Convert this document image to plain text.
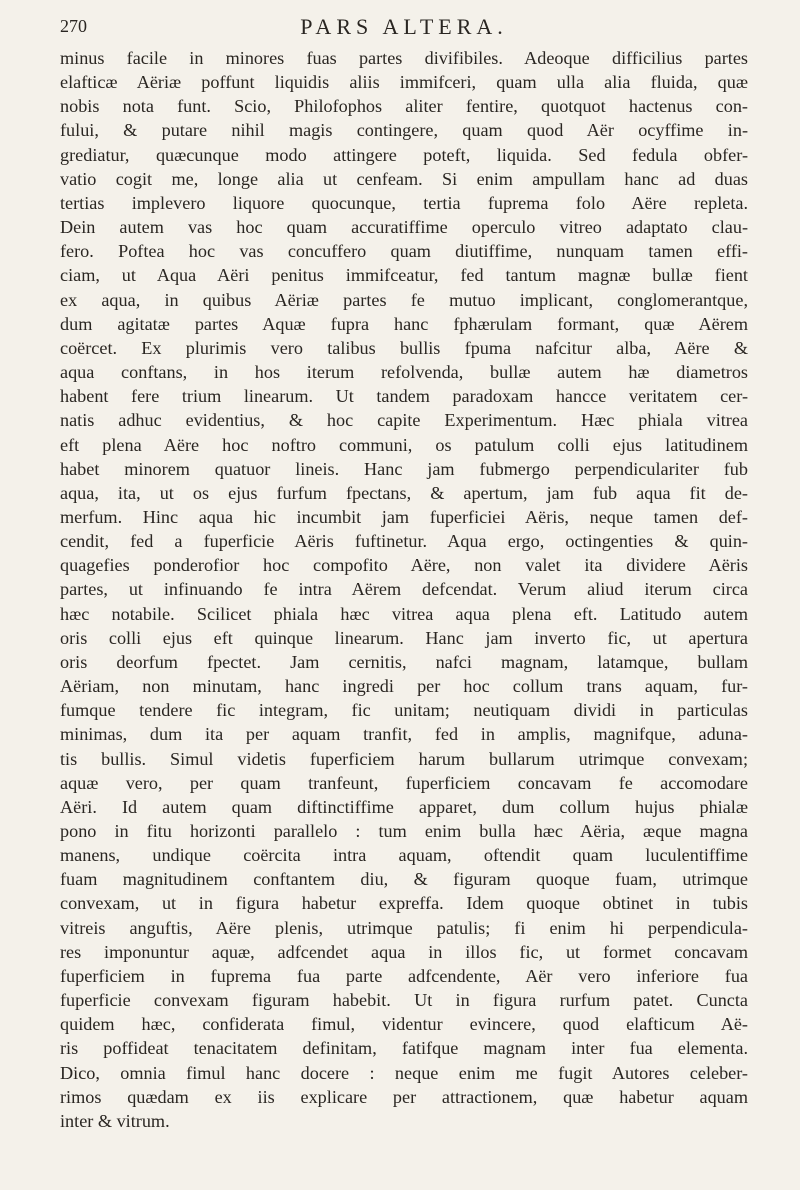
270	PARS ALTERA.
minus facile in minores fuas partes divifibiles. Adeoque difficilius partes
elafticæ Aëriæ poffunt liquidis aliis immifceri, quam ulla alia fluida, quæ
nobis nota funt. Scio, Philofophos aliter fentire, quotquot hactenus con-
fului, & putare nihil magis contingere, quam quod Aër ocyffime in-
grediatur, quæcunque modo attingere poteft, liquida. Sed fedula obfer-
vatio cogit me, longe alia ut cenfeam. Si enim ampullam hanc ad duas
tertias implevero liquore quocunque, tertia fuprema folo Aëre repleta.
Dein autem vas hoc quam accuratiffime operculo vitreo adaptato clau-
fero. Poftea hoc vas concuffero quam diutiffime, nunquam tamen effi-
ciam, ut Aqua Aëri penitus immifceatur, fed tantum magnæ bullæ fient
ex aqua, in quibus Aëriæ partes fe mutuo implicant, conglomerantque,
dum agitatæ partes Aquæ fupra hanc fphærulam formant, quæ Aërem
coërcet. Ex plurimis vero talibus bullis fpuma nafcitur alba, Aëre &
aqua conftans, in hos iterum refolvenda, bullæ autem hæ diametros
habent fere trium linearum. Ut tandem paradoxam hancce veritatem cer-
natis adhuc evidentius, & hoc capite Experimentum. Hæc phiala vitrea
eft plena Aëre hoc noftro communi, os patulum colli ejus latitudinem
habet minorem quatuor lineis. Hanc jam fubmergo perpendiculariter fub
aqua, ita, ut os ejus furfum fpectans, & apertum, jam fub aqua fit de-
merfum. Hinc aqua hic incumbit jam fuperficiei Aëris, neque tamen def-
cendit, fed a fuperficie Aëris fuftinetur. Aqua ergo, octingenties & quin-
quagefies ponderofior hoc compofito Aëre, non valet ita dividere Aëris
partes, ut infinuando fe intra Aërem defcendat. Verum aliud iterum circa
hæc notabile. Scilicet phiala hæc vitrea aqua plena eft. Latitudo autem
oris colli ejus eft quinque linearum. Hanc jam inverto fic, ut apertura
oris deorfum fpectet. Jam cernitis, nafci magnam, latamque, bullam
Aëriam, non minutam, hanc ingredi per hoc collum trans aquam, fur-
fumque tendere fic integram, fic unitam; neutiquam dividi in particulas
minimas, dum ita per aquam tranfit, fed in amplis, magnifque, aduna-
tis bullis. Simul videtis fuperficiem harum bullarum utrimque convexam;
aquæ vero, per quam tranfeunt, fuperficiem concavam fe accomodare
Aëri. Id autem quam diftinctiffime apparet, dum collum hujus phialæ
pono in fitu horizonti parallelo : tum enim bulla hæc Aëria, æque magna
manens, undique coërcita intra aquam, oftendit quam luculentiffime
fuam magnitudinem conftantem diu, & figuram quoque fuam, utrimque
convexam, ut in figura habetur expreffa. Idem quoque obtinet in tubis
vitreis anguftis, Aëre plenis, utrimque patulis; fi enim hi perpendicula-
res imponuntur aquæ, adfcendet aqua in illos fic, ut formet concavam
fuperficiem in fuprema fua parte adfcendente, Aër vero inferiore fua
fuperficie convexam figuram habebit. Ut in figura rurfum patet. Cuncta
quidem hæc, confiderata fimul, videntur evincere, quod elafticum Aë-
ris poffideat tenacitatem definitam, fatifque magnam inter fua elementa.
Dico, omnia fimul hanc docere : neque enim me fugit Autores celeber-
rimos quædam ex iis explicare per attractionem, quæ habetur aquam
inter & vitrum.
